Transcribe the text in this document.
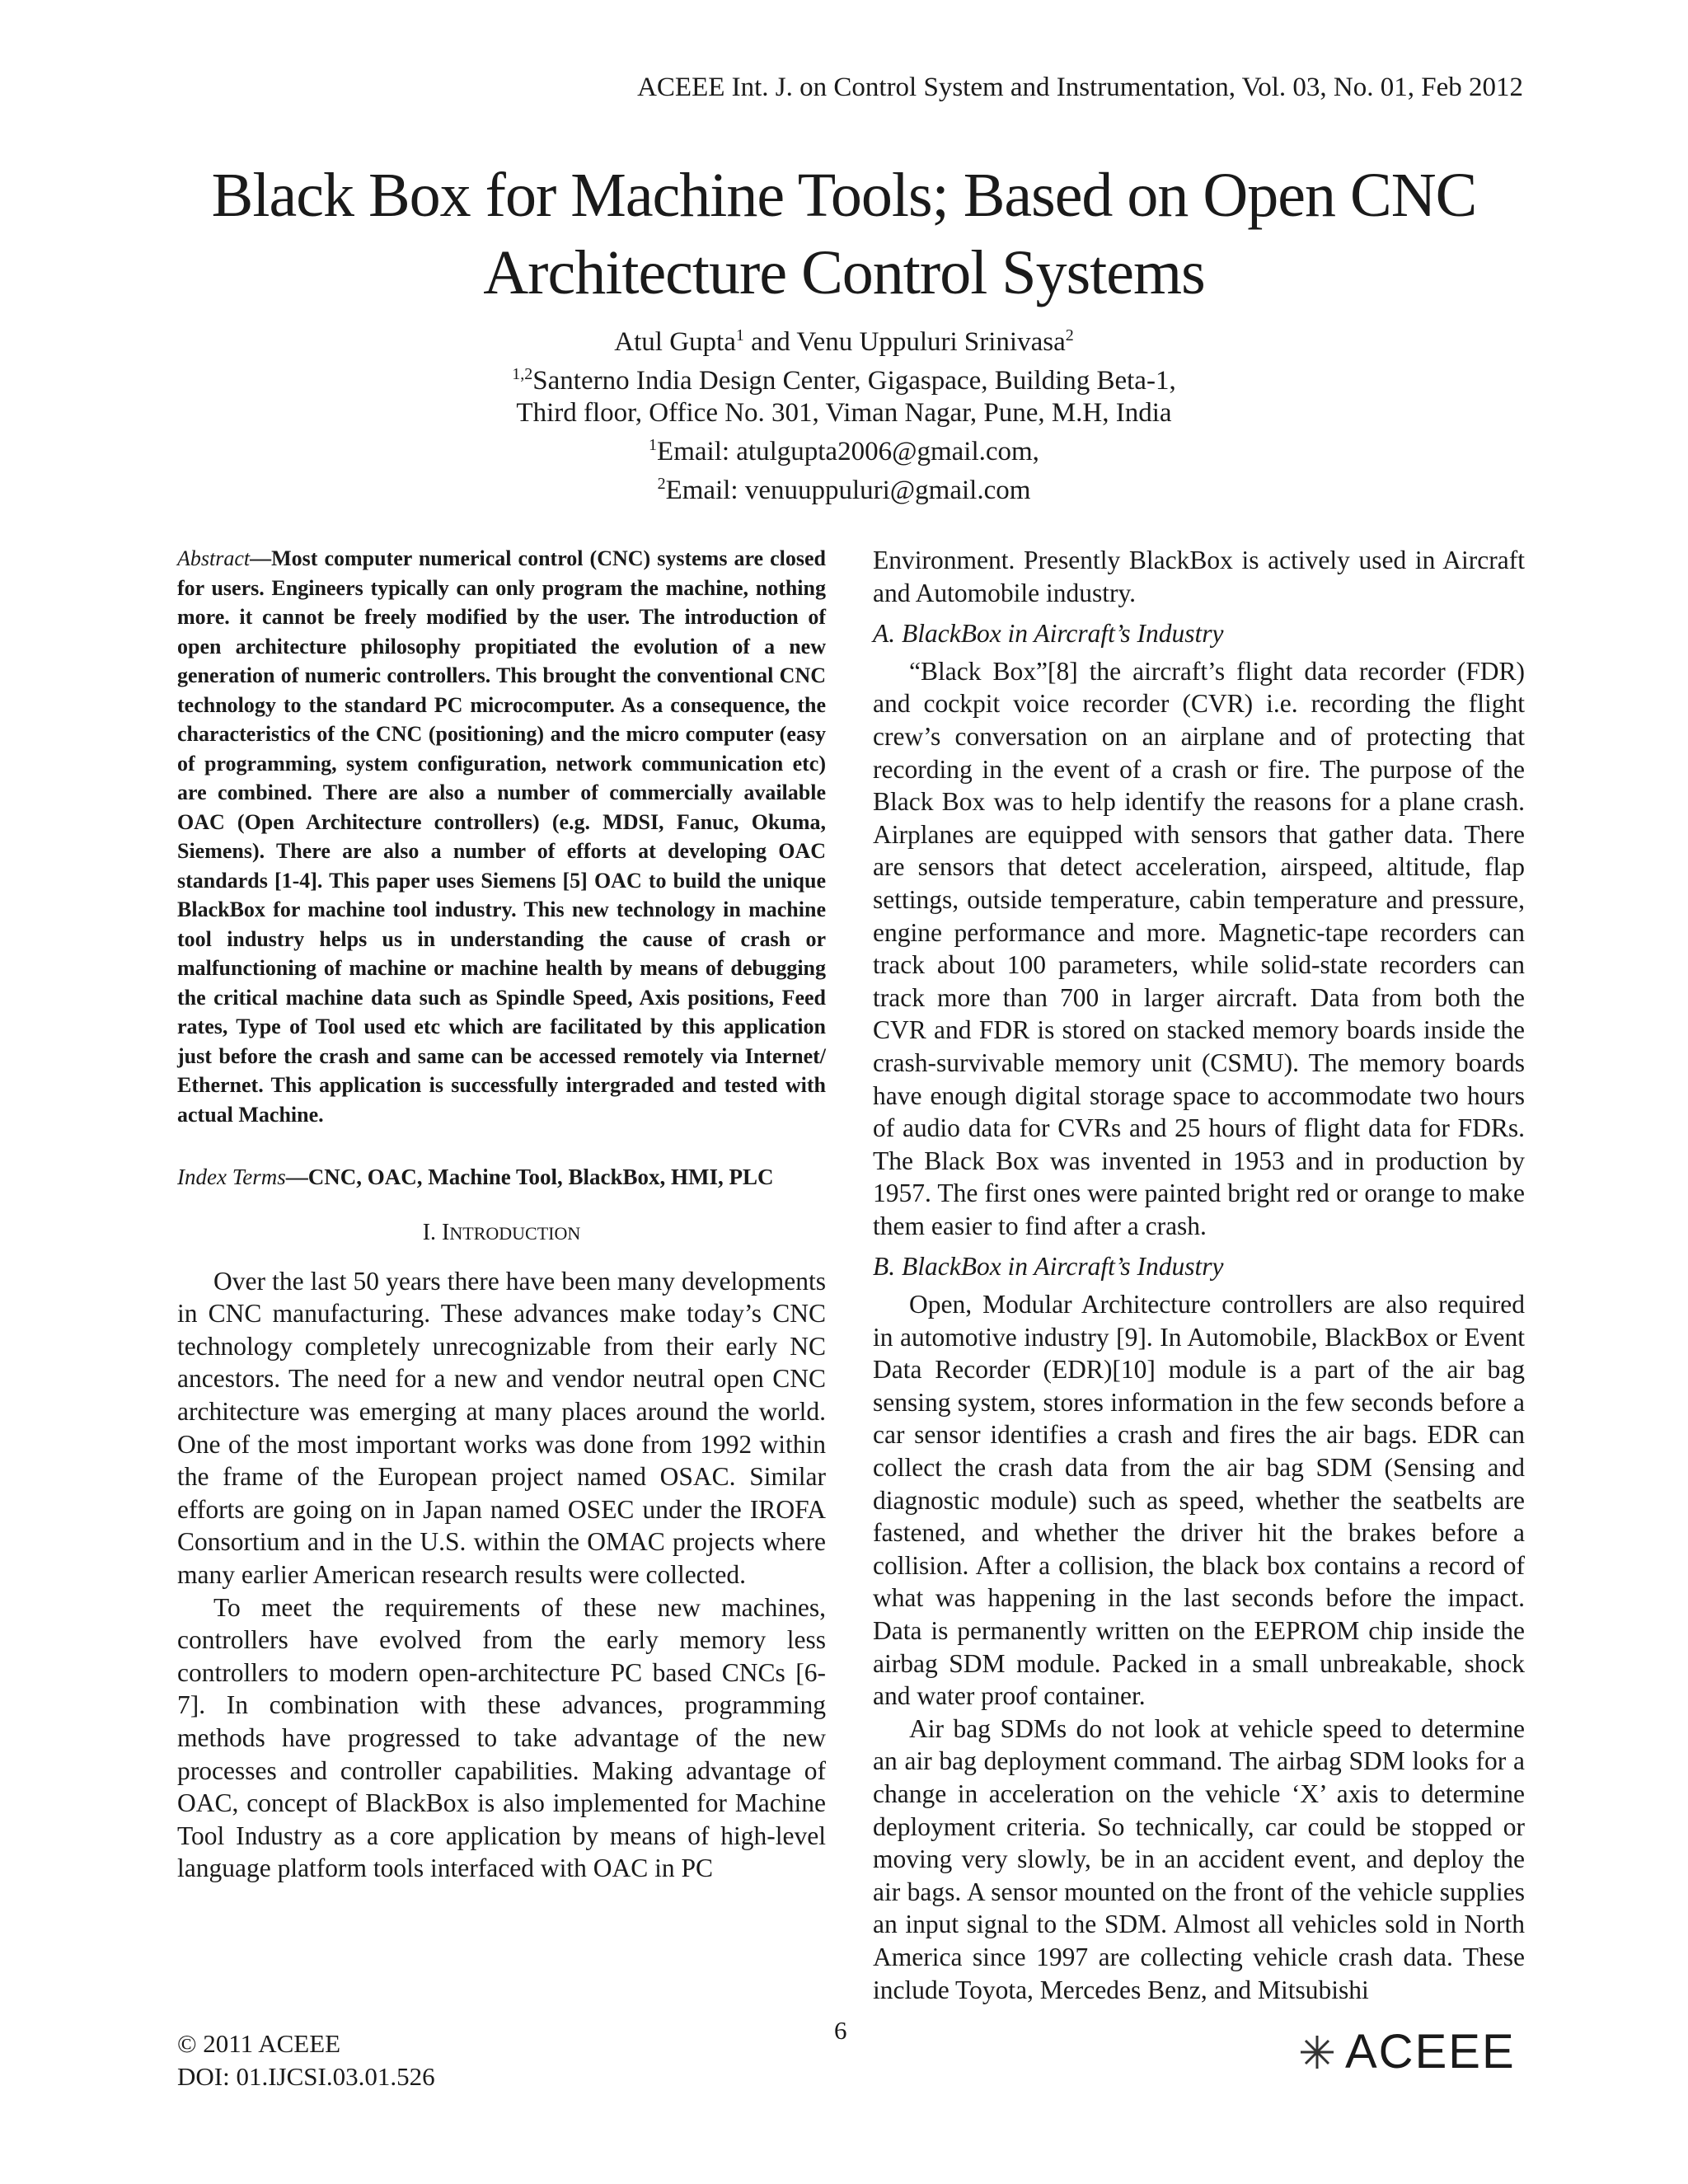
ACEEE Int. J. on Control System and Instrumentation, Vol. 03, No. 01, Feb 2012
Black Box for Machine Tools; Based on Open CNC
Architecture Control Systems
Atul Gupta$^1$ and Venu Uppuluri Srinivasa$^2$
$^{1,2}$Santerno India Design Center, Gigaspace, Building Beta-1,
Third floor, Office No. 301, Viman Nagar, Pune, M.H, India
$^1$Email: atulgupta2006@gmail.com,
$^2$Email: venuuppuluri@gmail.com

Abstract—Most computer numerical control (CNC) systems are closed for users. Engineers typically can only program the machine, nothing more. it cannot be freely modified by the user. The introduction of open architecture philosophy propitiated the evolution of a new generation of numeric controllers. This brought the conventional CNC technology to the standard PC microcomputer. As a consequence, the characteristics of the CNC (positioning) and the micro computer (easy of programming, system configuration, network communication etc) are combined. There are also a number of commercially available OAC (Open Architecture controllers) (e.g. MDSI, Fanuc, Okuma, Siemens). There are also a number of efforts at developing OAC standards [1-4]. This paper uses Siemens [5] OAC to build the unique BlackBox for machine tool industry. This new technology in machine tool industry helps us in understanding the cause of crash or malfunctioning of machine or machine health by means of debugging the critical machine data such as Spindle Speed, Axis positions, Feed rates, Type of Tool used etc which are facilitated by this application just before the crash and same can be accessed remotely via Internet/ Ethernet. This application is successfully intergraded and tested with actual Machine.

Index Terms—CNC, OAC, Machine Tool, BlackBox, HMI, PLC

I. INTRODUCTION

Over the last 50 years there have been many developments in CNC manufacturing. These advances make today’s CNC technology completely unrecognizable from their early NC ancestors. The need for a new and vendor neutral open CNC architecture was emerging at many places around the world. One of the most important works was done from 1992 within the frame of the European project named OSAC. Similar efforts are going on in Japan named OSEC under the IROFA Consortium and in the U.S. within the OMAC projects where many earlier American research results were collected.

To meet the requirements of these new machines, controllers have evolved from the early memory less controllers to modern open-architecture PC based CNCs [6-7]. In combination with these advances, programming methods have progressed to take advantage of the new processes and controller capabilities. Making advantage of OAC, concept of BlackBox is also implemented for Machine Tool Industry as a core application by means of high-level language platform tools interfaced with OAC in PC

Environment. Presently BlackBox is actively used in Aircraft and Automobile industry.

A. BlackBox in Aircraft’s Industry

“Black Box”[8] the aircraft’s flight data recorder (FDR) and cockpit voice recorder (CVR) i.e. recording the flight crew’s conversation on an airplane and of protecting that recording in the event of a crash or fire. The purpose of the Black Box was to help identify the reasons for a plane crash. Airplanes are equipped with sensors that gather data. There are sensors that detect acceleration, airspeed, altitude, flap settings, outside temperature, cabin temperature and pressure, engine performance and more. Magnetic-tape recorders can track about 100 parameters, while solid-state recorders can track more than 700 in larger aircraft. Data from both the CVR and FDR is stored on stacked memory boards inside the crash-survivable memory unit (CSMU). The memory boards have enough digital storage space to accommodate two hours of audio data for CVRs and 25 hours of flight data for FDRs. The Black Box was invented in 1953 and in production by 1957. The first ones were painted bright red or orange to make them easier to find after a crash.

B. BlackBox in Aircraft’s Industry

Open, Modular Architecture controllers are also required in automotive industry [9]. In Automobile, BlackBox or Event Data Recorder (EDR)[10] module is a part of the air bag sensing system, stores information in the few seconds before a car sensor identifies a crash and fires the air bags. EDR can collect the crash data from the air bag SDM (Sensing and diagnostic module) such as speed, whether the seatbelts are fastened, and whether the driver hit the brakes before a collision. After a collision, the black box contains a record of what was happening in the last seconds before the impact. Data is permanently written on the EEPROM chip inside the airbag SDM module. Packed in a small unbreakable, shock and water proof container.

Air bag SDMs do not look at vehicle speed to determine an air bag deployment command. The airbag SDM looks for a change in acceleration on the vehicle ‘X’ axis to determine deployment criteria. So technically, car could be stopped or moving very slowly, be in an accident event, and deploy the air bags. A sensor mounted on the front of the vehicle supplies an input signal to the SDM. Almost all vehicles sold in North America since 1997 are collecting vehicle crash data. These include Toyota, Mercedes Benz, and Mitsubishi

© 2011 ACEEE
DOI: 01.IJCSI.03.01.526
6	ACEEE
